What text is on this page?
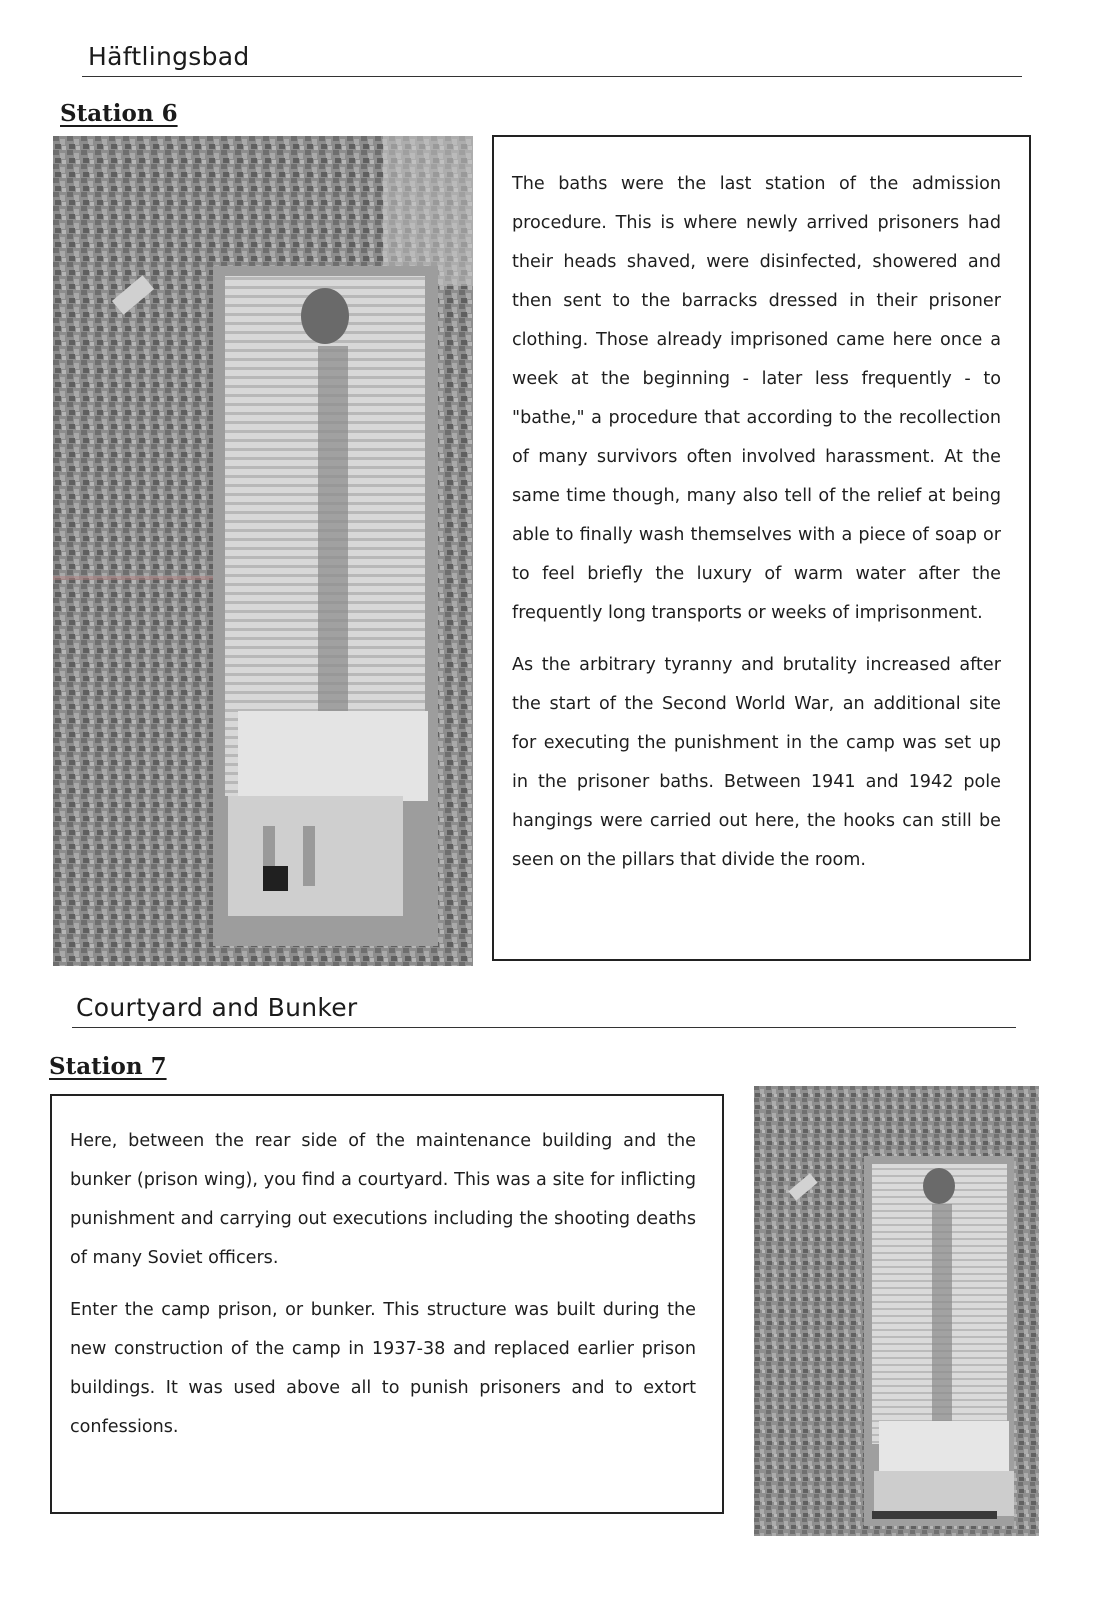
Häftlingsbad
Station 6

The baths were the last station of the admission procedure. This is where newly arrived prisoners had their heads shaved, were disinfected, showered and then sent to the barracks dressed in their prisoner clothing. Those already imprisoned came here once a week at the beginning - later less frequently - to "bathe," a procedure that according to the recollection of many survivors often involved harassment. At the same time though, many also tell of the relief at being able to finally wash themselves with a piece of soap or to feel briefly the luxury of warm water after the frequently long transports or weeks of imprisonment.

As the arbitrary tyranny and brutality increased after the start of the Second World War, an additional site for executing the punishment in the camp was set up in the prisoner baths. Between 1941 and 1942 pole hangings were carried out here, the hooks can still be seen on the pillars that divide the room.

Courtyard and Bunker
Station 7

Here, between the rear side of the maintenance building and the bunker (prison wing), you find a courtyard. This was a site for inflicting punishment and carrying out executions including the shooting deaths of many Soviet officers.

Enter the camp prison, or bunker. This structure was built during the new construction of the camp in 1937-38 and replaced earlier prison buildings. It was used above all to punish prisoners and to extort confessions.
